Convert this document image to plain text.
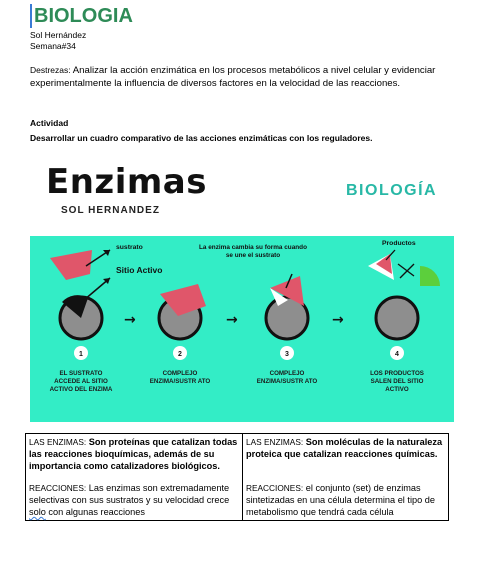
BIOLOGIA
Sol Hernández
Semana#34
Destrezas: Analizar la acción enzimática en los procesos metabólicos a nivel celular y evidenciar experimentalmente la influencia de diversos factores en la velocidad de las reacciones.
Actividad
Desarrollar un cuadro comparativo de las acciones enzimáticas con los reguladores.
Enzimas
SOL HERNANDEZ
BIOLOGÍA
→	→	→
1	2	3	4
sustrato
Sitio Activo
La enzima cambia su forma cuando se une el sustrato
Productos
EL SUSTRATO ACCEDE AL SITIO ACTIVO DEL ENZIMA
COMPLEJO ENZIMA/SUSTR ATO
COMPLEJO ENZIMA/SUSTR ATO
LOS PRODUCTOS SALEN DEL SITIO ACTIVO
LAS ENZIMAS: Son proteínas que catalizan todas las reacciones bioquímicas, además de su importancia como catalizadores biológicos.
REACCIONES: Las enzimas son extremadamente selectivas con sus sustratos y su velocidad crece solo con algunas reacciones

LAS ENZIMAS: Son moléculas de la naturaleza proteica que catalizan reacciones químicas.
REACCIONES: el conjunto (set) de enzimas sintetizadas en una célula determina el tipo de metabolismo que tendrá cada célula
